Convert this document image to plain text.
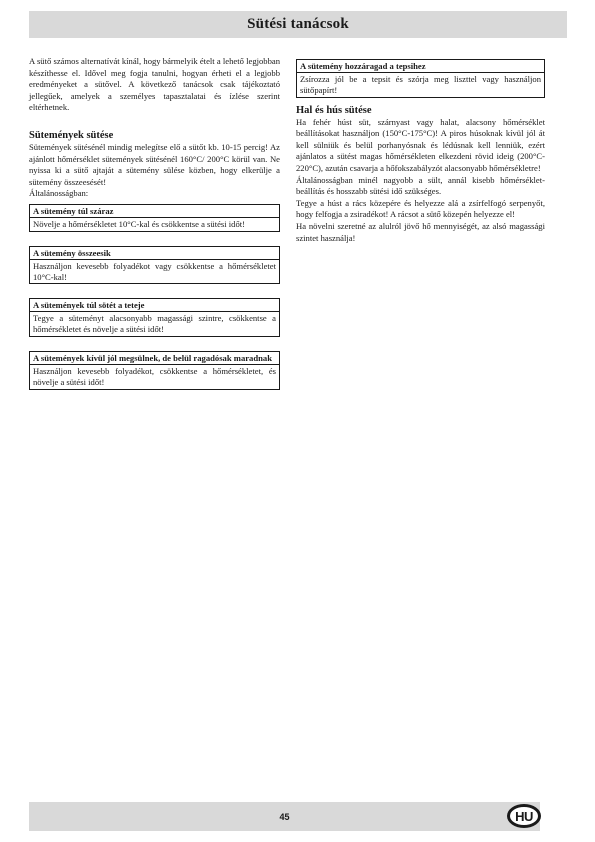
Sütési tanácsok

A sütő számos alternatívát kínál, hogy bármelyik ételt a lehető legjobban készíthesse el. Idővel meg fogja tanulni, hogyan érheti el a legjobb eredményeket a sütővel. A következő tanácsok csak tájékoztató jellegűek, amelyek a személyes tapasztalatai és ízlése szerint eltérhetnek.

Sütemények sütése

Sütemények sütésénél mindig melegítse elő a sütőt kb. 10-15 percig! Az ajánlott hőmérséklet sütemények sütésénél 160°C/ 200°C körül van. Ne nyissa ki a sütő ajtaját a sütemény sülése közben, hogy elkerülje a sütemény összeesését!

Általánosságban:

A sütemény túl száraz
Növelje a hőmérsékletet 10°C-kal és csökkentse a sütési időt!
A sütemény összeesik
Használjon kevesebb folyadékot vagy csökkentse a hőmérsékletet 10°C-kal!
A sütemények túl sötét a teteje
Tegye a süteményt alacsonyabb magassági szintre, csökkentse a hőmérsékletet és növelje a sütési időt!
A sütemények kívül jól megsülnek, de belül ragadósak maradnak
Használjon kevesebb folyadékot, csökkentse a hőmérsékletet, és növelje a sütési időt!
A sütemény hozzáragad a tepsihez
Zsírozza jól be a tepsit és szórja meg liszttel vagy használjon sütőpapírt!

Hal és hús sütése

Ha fehér húst süt, szárnyast vagy halat, alacsony hőmérséklet beállításokat használjon (150°C-175°C)! A piros húsoknak kívül jól át kell sülniük és belül porhanyósnak és lédúsnak kell lenniük, ezért ajánlatos a sütést magas hőmérsékleten elkezdeni rövid ideig (200°C-220°C), azután csavarja a hőfokszabályzót alacsonyabb hőmérsékletre!

Általánosságban minél nagyobb a sült, annál kisebb hőmérséklet-beállítás és hosszabb sütési idő szükséges.

Tegye a húst a rács közepére és helyezze alá a zsírfelfogó serpenyőt, hogy felfogja a zsiradékot! A rácsot a sütő közepén helyezze el!

Ha növelni szeretné az alulról jövő hő mennyiségét, az alsó magassági szintet használja!

45	HU
